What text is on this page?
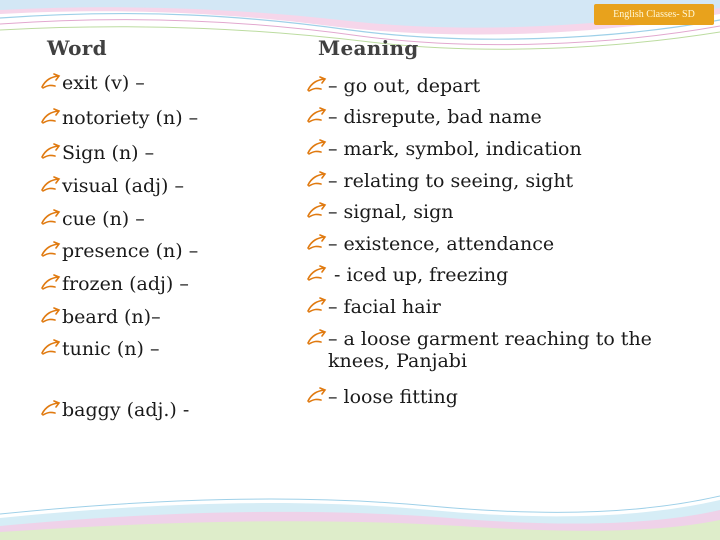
English Classes- SD
Word	Meaning
exit (v) –
notoriety (n) –
Sign (n) –
visual (adj) –
cue (n) –
presence (n) –
frozen (adj) –
beard (n)–
tunic (n) –
baggy (adj.) -
– go out, depart
– disrepute, bad name
– mark, symbol, indication
– relating to seeing, sight
– signal, sign
– existence, attendance
- iced up, freezing
– facial hair
– a loose garment reaching to the
knees, Panjabi
– loose fitting
